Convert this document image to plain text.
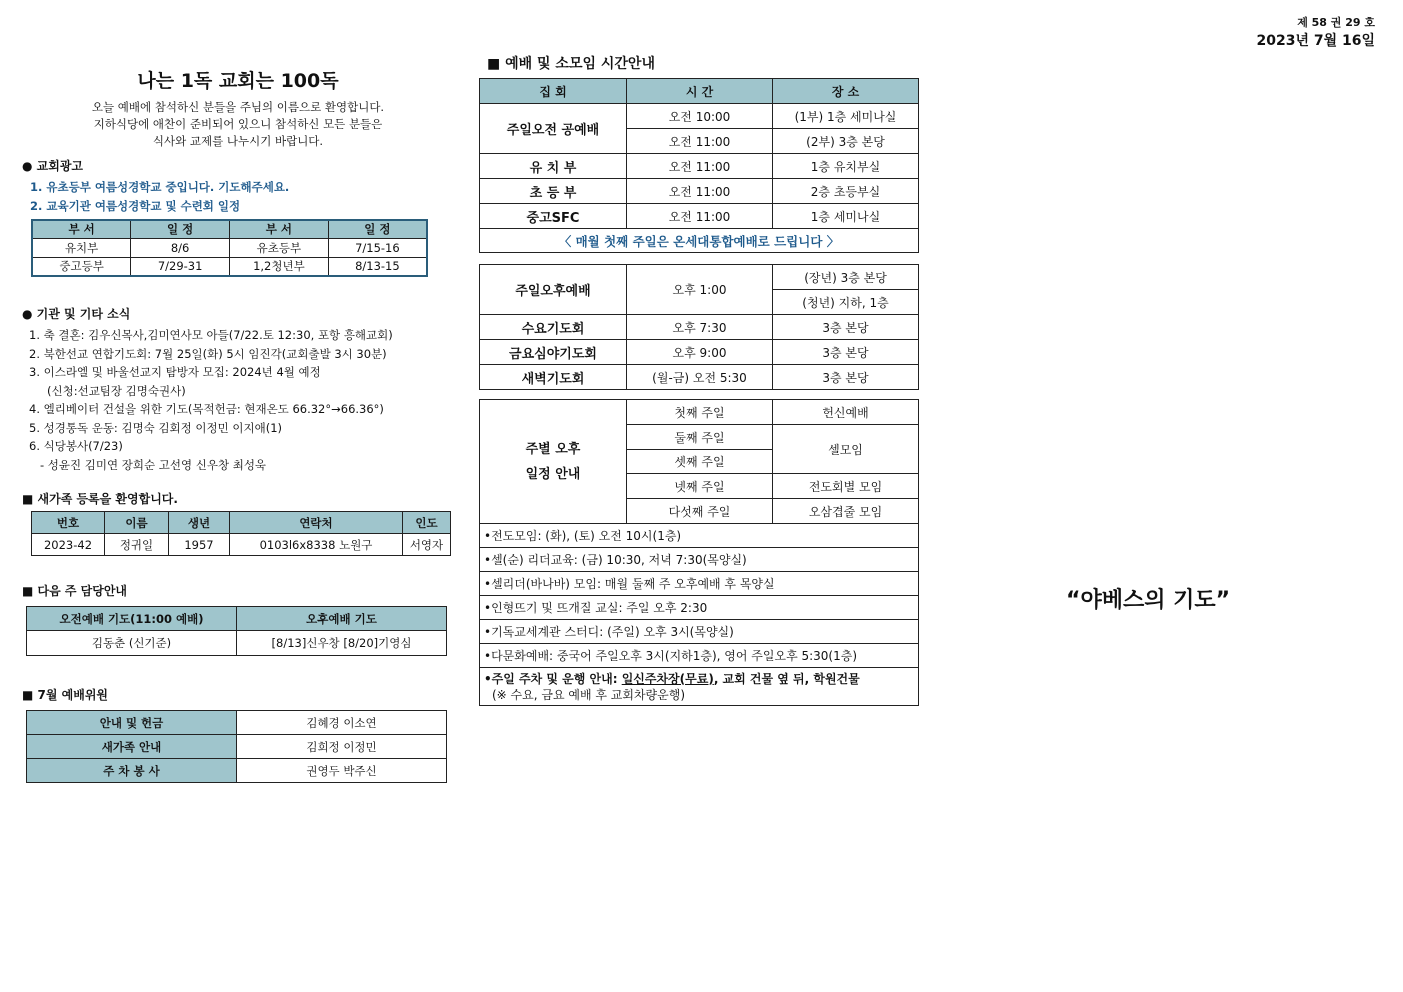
제 58 권 29 호
2023년 7월 16일
나는 1독 교회는 100독
오늘 예배에 참석하신 분들을 주님의 이름으로 환영합니다.
지하식당에 애찬이 준비되어 있으니 참석하신 모든 분들은
식사와 교제를 나누시기 바랍니다.
● 교회광고
1. 유초등부 여름성경학교 중입니다. 기도해주세요.
2. 교육기관 여름성경학교 및 수련회 일정
부 서	일 정	부 서	일 정
유치부	8/6	유초등부	7/15-16
중고등부	7/29-31	1,2청년부	8/13-15
● 기관 및 기타 소식
1. 축 결혼: 김우신목사,김미연사모 아들(7/22.토 12:30, 포항 흥해교회)
2. 북한선교 연합기도회: 7월 25일(화) 5시 임진각(교회출발 3시 30분)
3. 이스라엘 및 바울선교지 탐방자 모집: 2024년 4월 예정
(신청:선교팀장 김명숙권사)
4. 엘리베이터 건설을 위한 기도(목적헌금: 현재온도 66.32°→66.36°)
5. 성경통독 운동: 김명숙 김회정 이정민 이지애(1)
6. 식당봉사(7/23)
- 성윤진 김미연 장희순 고선영 신우창 최성욱
■ 새가족 등록을 환영합니다.
번호	이름	생년	연락처	인도
2023-42	정귀일	1957	0103l6x8338 노원구	서영자
■ 다음 주 담당안내
오전예배 기도(11:00 예배)	오후예배 기도
김동춘 (신기준)	[8/13]신우창 [8/20]기영심
■ 7월 예배위원
안내 및 헌금	김혜경 이소연
새가족 안내	김희정 이정민
주 차 봉 사	권영두 박주신
■ 예배 및 소모임 시간안내
집 회	시 간	장 소
주일오전 공예배	오전 10:00	(1부) 1층 세미나실
	오전 11:00	(2부) 3층 본당
유 치 부	오전 11:00	1층 유치부실
초 등 부	오전 11:00	2층 초등부실
중고SFC	오전 11:00	1층 세미나실
〈 매월 첫째 주일은 온세대통합예배로 드립니다 〉		
주일오후예배	오후 1:00	(장년) 3층 본당
		(청년) 지하, 1층
수요기도회	오후 7:30	3층 본당
금요심야기도회	오후 9:00	3층 본당
새벽기도회	(월-금) 오전 5:30	3층 본당
주별 오후
일정 안내	첫째 주일	헌신예배
	둘째 주일	셀모임
	셋째 주일	
	넷째 주일	전도회별 모임
	다섯째 주일	오삼겹줄 모임
•전도모임: (화), (토) 오전 10시(1층)		
•셀(순) 리더교육: (금) 10:30, 저녁 7:30(목양실)		
•셀리더(바나바) 모임: 매월 둘째 주 오후예배 후 목양실		
•인형뜨기 및 뜨개질 교실: 주일 오후 2:30		
•기독교세계관 스터디: (주일) 오후 3시(목양실)		
•다문화예배: 중국어 주일오후 3시(지하1층), 영어 주일오후 5:30(1층)		

•주일 주차 및 운행 안내: 일신주차장(무료), 교회 건물 옆 뒤, 학원건물
(※ 수요, 금요 예배 후 교회차량운행)		
“야베스의 기도”
